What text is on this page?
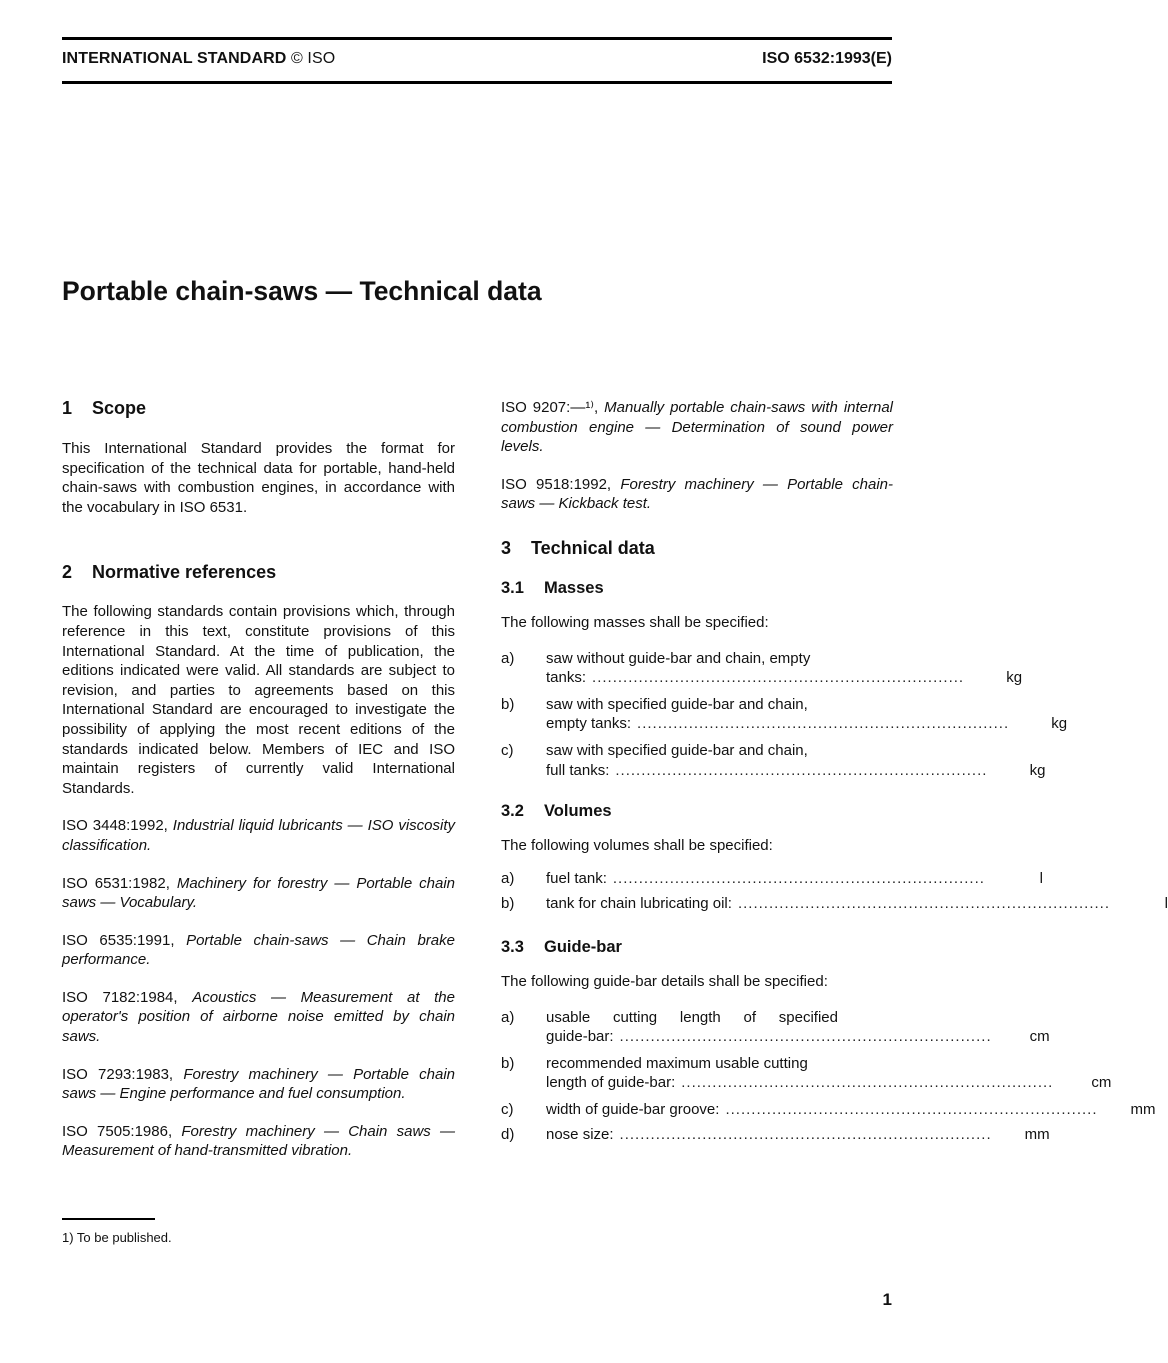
INTERNATIONAL STANDARD © ISO	ISO 6532:1993(E)
Portable chain-saws — Technical data
1	Scope

This International Standard provides the format for specification of the technical data for portable, hand-held chain-saws with combustion engines, in accordance with the vocabulary in ISO 6531.

2	Normative references

The following standards contain provisions which, through reference in this text, constitute provisions of this International Standard. At the time of publication, the editions indicated were valid. All standards are subject to revision, and parties to agreements based on this International Standard are encouraged to investigate the possibility of applying the most recent editions of the standards indicated below. Members of IEC and ISO maintain registers of currently valid International Standards.

ISO 3448:1992, Industrial liquid lubricants — ISO viscosity classification.

ISO 6531:1982, Machinery for forestry — Portable chain saws — Vocabulary.

ISO 6535:1991, Portable chain-saws — Chain brake performance.

ISO 7182:1984, Acoustics — Measurement at the operator's position of airborne noise emitted by chain saws.

ISO 7293:1983, Forestry machinery — Portable chain saws — Engine performance and fuel consumption.

ISO 7505:1986, Forestry machinery — Chain saws — Measurement of hand-transmitted vibration.

ISO 9207:—¹⁾, Manually portable chain-saws with internal combustion engine — Determination of sound power levels.

ISO 9518:1992, Forestry machinery — Portable chain-saws — Kickback test.

3	Technical data
3.1	Masses

The following masses shall be specified:

a)	saw without guide-bar and chain, empty
tanks: ........................................................................	kg
b)	saw with specified guide-bar and chain,
empty tanks: ........................................................................	kg
c)	saw with specified guide-bar and chain,
full tanks: ........................................................................	kg
3.2	Volumes

The following volumes shall be specified:

a)	fuel tank: ........................................................................	l
b)	tank for chain lubricating oil: ........................................................................	l
3.3	Guide-bar

The following guide-bar details shall be specified:

a)	usable cutting length of specified
guide-bar: ........................................................................	cm
b)	recommended maximum usable cutting
length of guide-bar: ........................................................................	cm
c)	width of guide-bar groove: ........................................................................	mm
d)	nose size: ........................................................................	mm
1) To be published.
1
